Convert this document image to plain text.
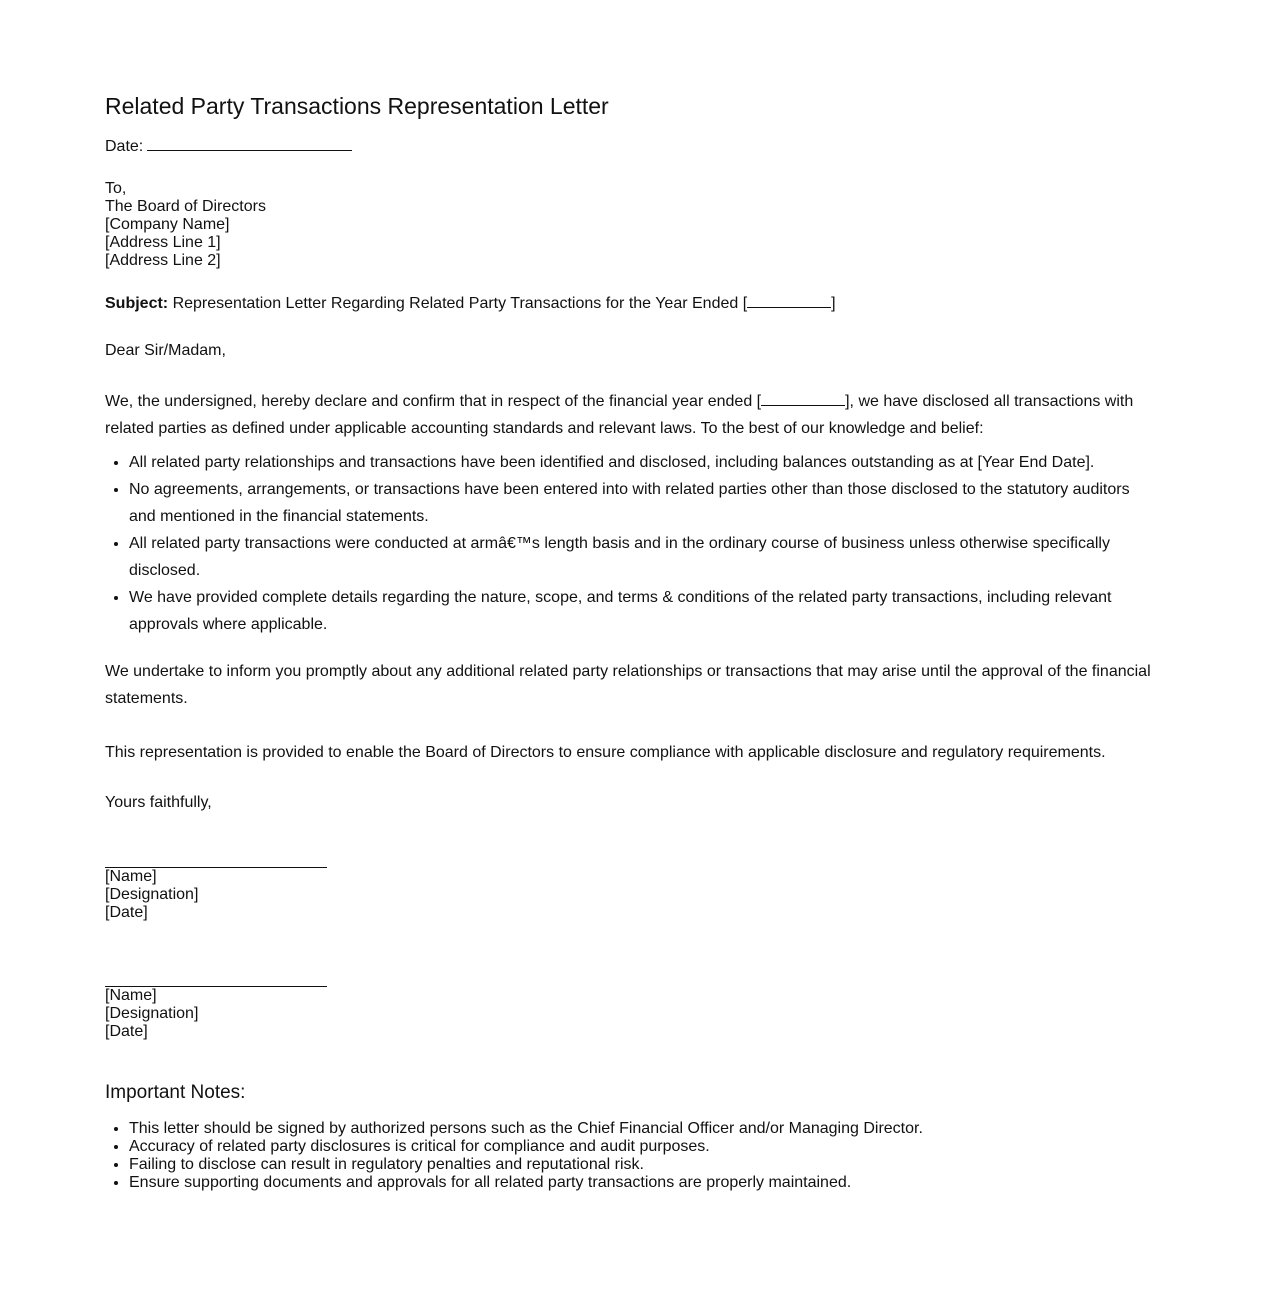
Related Party Transactions Representation Letter
Date:
To,
The Board of Directors
[Company Name]
[Address Line 1]
[Address Line 2]
Subject: Representation Letter Regarding Related Party Transactions for the Year Ended [	]
Dear Sir/Madam,

We, the undersigned, hereby declare and confirm that in respect of the financial year ended [	], we have disclosed all transactions with related parties as defined under applicable accounting standards and relevant laws. To the best of our knowledge and belief:

• All related party relationships and transactions have been identified and disclosed, including balances outstanding as at [Year End Date].
• No agreements, arrangements, or transactions have been entered into with related parties other than those disclosed to the statutory auditors and mentioned in the financial statements.
• All related party transactions were conducted at armâ€™s length basis and in the ordinary course of business unless otherwise specifically disclosed.
• We have provided complete details regarding the nature, scope, and terms & conditions of the related party transactions, including relevant approvals where applicable.

We undertake to inform you promptly about any additional related party relationships or transactions that may arise until the approval of the financial statements.

This representation is provided to enable the Board of Directors to ensure compliance with applicable disclosure and regulatory requirements.

Yours faithfully,
[Name]
[Designation]
[Date]
[Name]
[Designation]
[Date]
Important Notes:
• This letter should be signed by authorized persons such as the Chief Financial Officer and/or Managing Director.
• Accuracy of related party disclosures is critical for compliance and audit purposes.
• Failing to disclose can result in regulatory penalties and reputational risk.
• Ensure supporting documents and approvals for all related party transactions are properly maintained.
